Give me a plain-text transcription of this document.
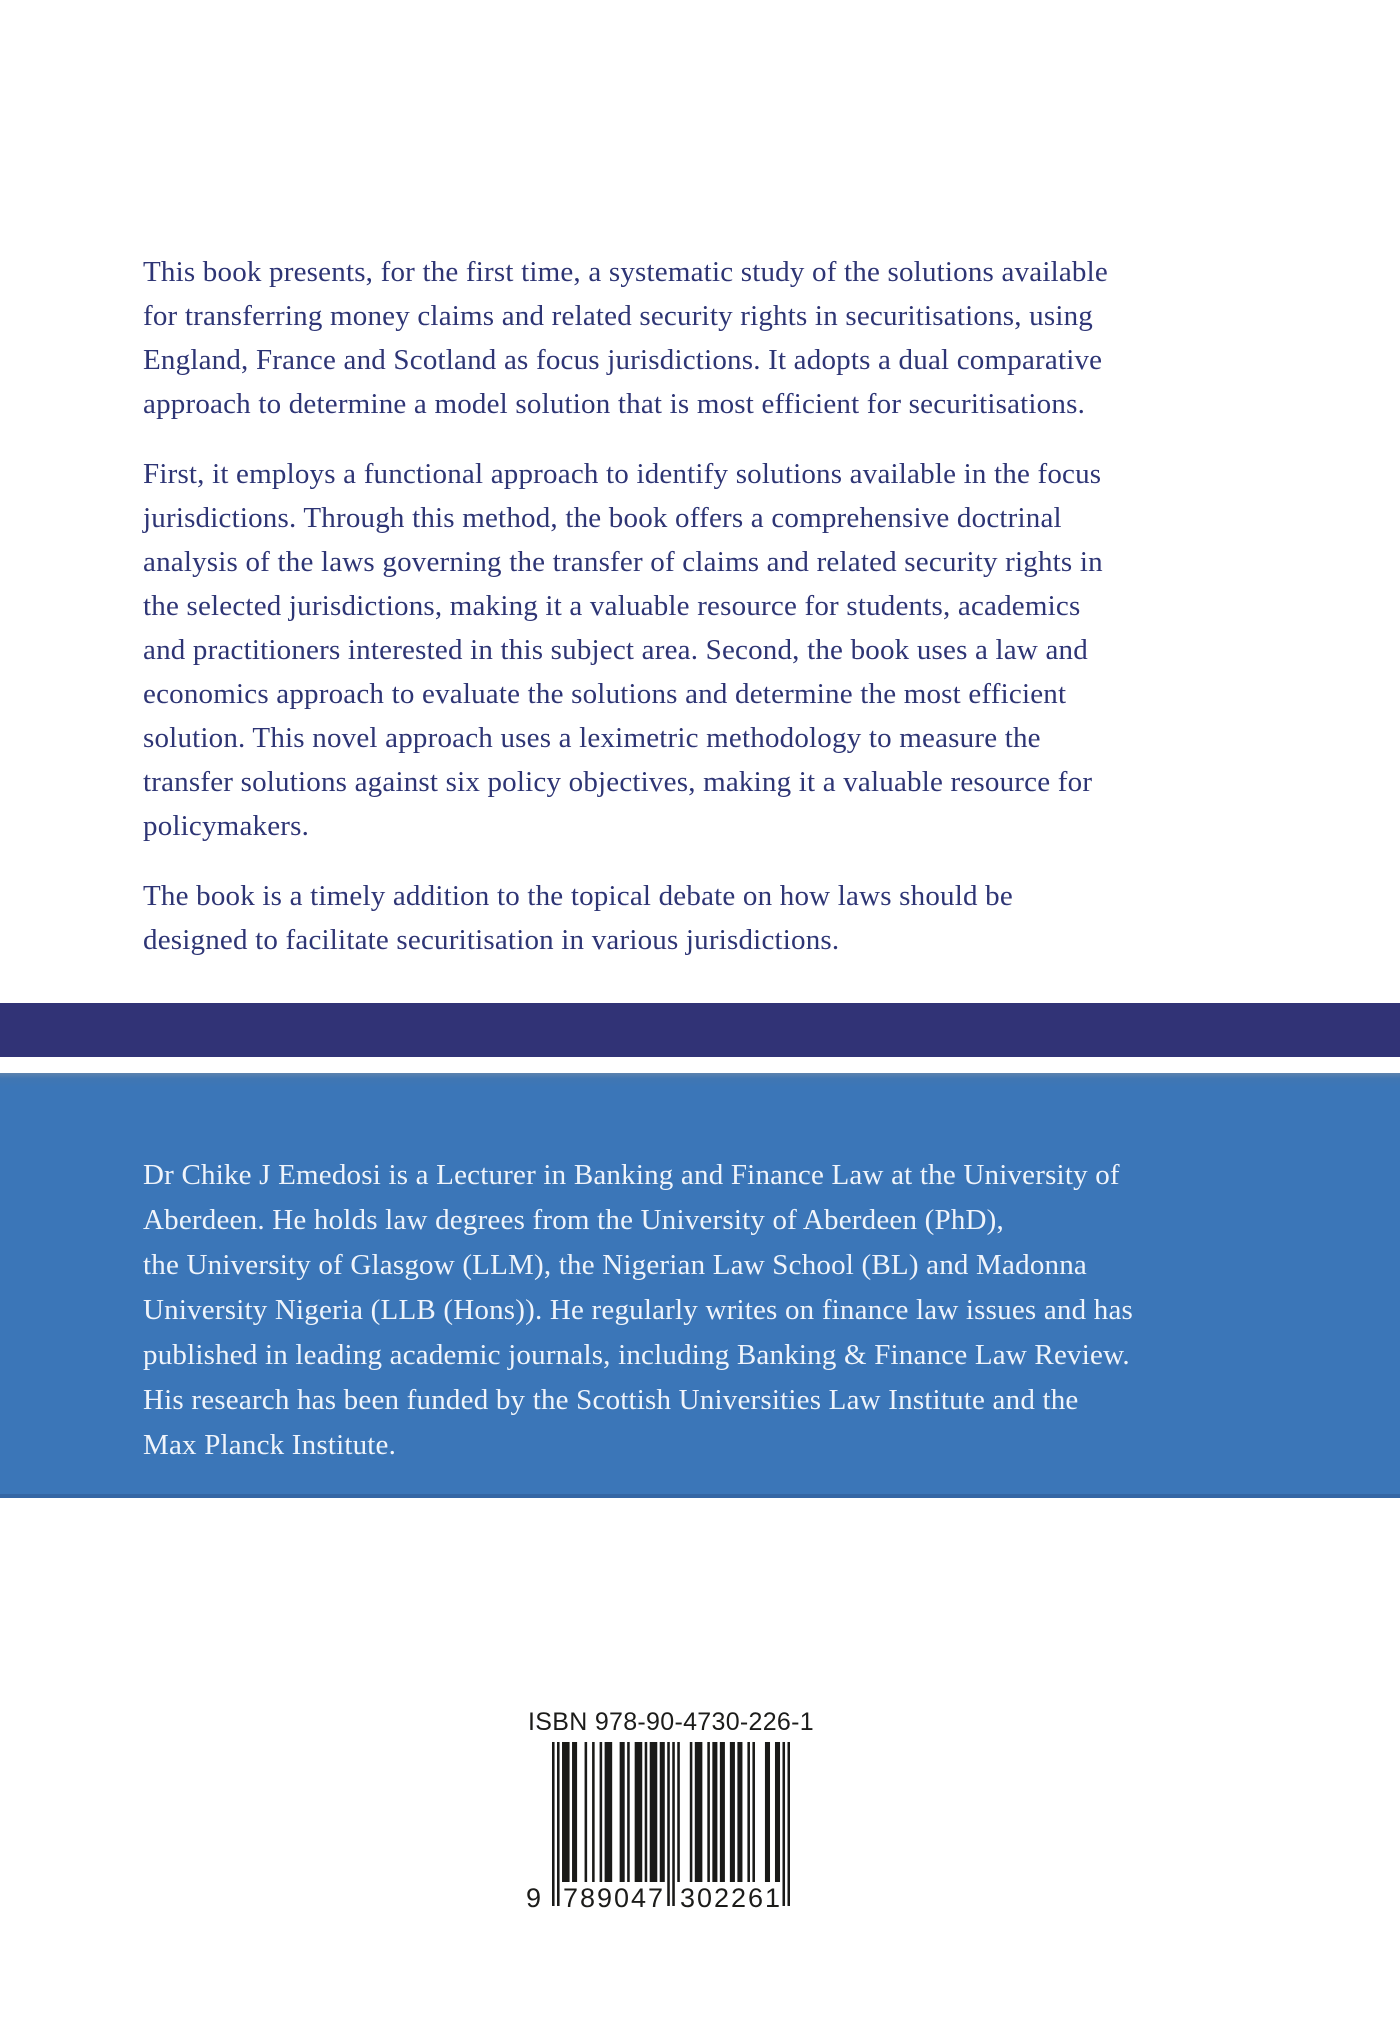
This book presents, for the first time, a systematic study of the solutions available
for transferring money claims and related security rights in securitisations, using
England, France and Scotland as focus jurisdictions. It adopts a dual comparative
approach to determine a model solution that is most efficient for securitisations.

First, it employs a functional approach to identify solutions available in the focus
jurisdictions. Through this method, the book offers a comprehensive doctrinal
analysis of the laws governing the transfer of claims and related security rights in
the selected jurisdictions, making it a valuable resource for students, academics
and practitioners interested in this subject area. Second, the book uses a law and
economics approach to evaluate the solutions and determine the most efficient
solution. This novel approach uses a leximetric methodology to measure the
transfer solutions against six policy objectives, making it a valuable resource for
policymakers.

The book is a timely addition to the topical debate on how laws should be
designed to facilitate securitisation in various jurisdictions.

Dr Chike J Emedosi is a Lecturer in Banking and Finance Law at the University of
Aberdeen. He holds law degrees from the University of Aberdeen (PhD),
the University of Glasgow (LLM), the Nigerian Law School (BL) and Madonna
University Nigeria (LLB (Hons)). He regularly writes on finance law issues and has
published in leading academic journals, including Banking & Finance Law Review.
His research has been funded by the Scottish Universities Law Institute and the
Max Planck Institute.
ISBN 978-90-4730-226-1
9 789047 302261
